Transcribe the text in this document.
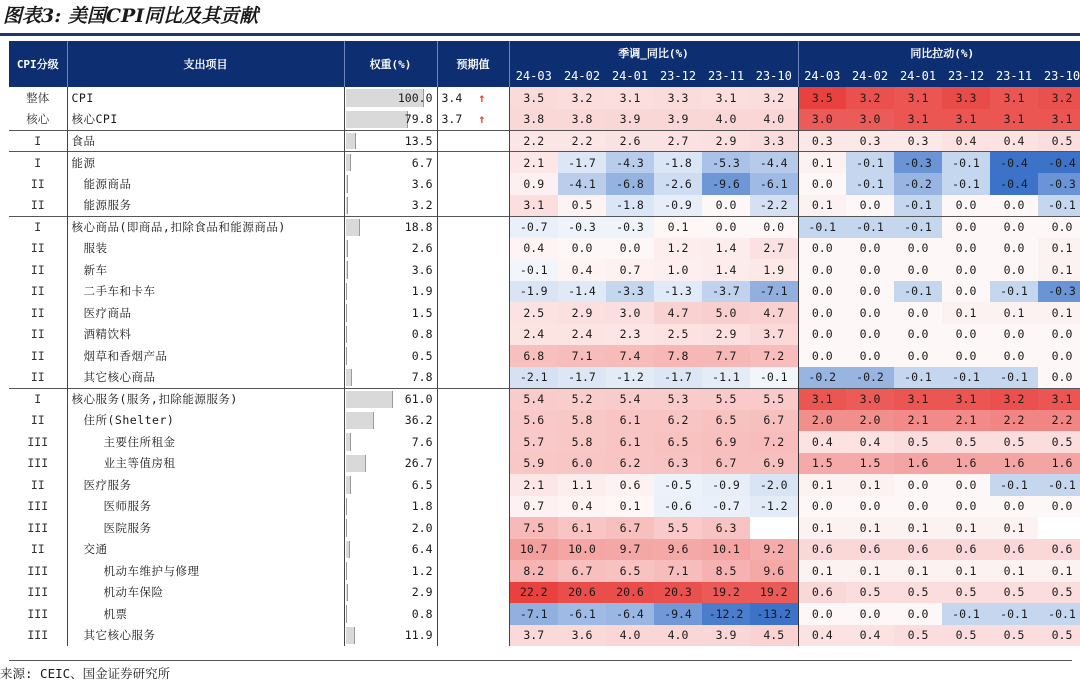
图表3: 美国CPI同比及其贡献
CPI分级	支出项目	权重(%)	预期值	季调_同比(%)						同比拉动(%)					
				24-03	24-02	24-01	23-12	23-11	23-10	24-03	24-02	24-01	23-12	23-11	23-10
整体	CPI	100.0	3.4 ↑	3.5	3.2	3.1	3.3	3.1	3.2	3.5	3.2	3.1	3.3	3.1	3.2
核心	核心CPI	79.8	3.7 ↑	3.8	3.8	3.9	3.9	4.0	4.0	3.0	3.0	3.1	3.1	3.1	3.1
I	食品	13.5		2.2	2.2	2.6	2.7	2.9	3.3	0.3	0.3	0.3	0.4	0.4	0.5
I	能源	6.7		2.1	-1.7	-4.3	-1.8	-5.3	-4.4	0.1	-0.1	-0.3	-0.1	-0.4	-0.4
II	能源商品	3.6		0.9	-4.1	-6.8	-2.6	-9.6	-6.1	0.0	-0.1	-0.2	-0.1	-0.4	-0.3
II	能源服务	3.2		3.1	0.5	-1.8	-0.9	0.0	-2.2	0.1	0.0	-0.1	0.0	0.0	-0.1
I	核心商品(即商品,扣除食品和能源商品)	18.8		-0.7	-0.3	-0.3	0.1	0.0	0.0	-0.1	-0.1	-0.1	0.0	0.0	0.0
II	服装	2.6		0.4	0.0	0.0	1.2	1.4	2.7	0.0	0.0	0.0	0.0	0.0	0.1
II	新车	3.6		-0.1	0.4	0.7	1.0	1.4	1.9	0.0	0.0	0.0	0.0	0.0	0.1
II	二手车和卡车	1.9		-1.9	-1.4	-3.3	-1.3	-3.7	-7.1	0.0	0.0	-0.1	0.0	-0.1	-0.3
II	医疗商品	1.5		2.5	2.9	3.0	4.7	5.0	4.7	0.0	0.0	0.0	0.1	0.1	0.1
II	酒精饮料	0.8		2.4	2.4	2.3	2.5	2.9	3.7	0.0	0.0	0.0	0.0	0.0	0.0
II	烟草和香烟产品	0.5		6.8	7.1	7.4	7.8	7.7	7.2	0.0	0.0	0.0	0.0	0.0	0.0
II	其它核心商品	7.8		-2.1	-1.7	-1.2	-1.7	-1.1	-0.1	-0.2	-0.2	-0.1	-0.1	-0.1	0.0
I	核心服务(服务,扣除能源服务)	61.0		5.4	5.2	5.4	5.3	5.5	5.5	3.1	3.0	3.1	3.1	3.2	3.1
II	住所(Shelter)	36.2		5.6	5.8	6.1	6.2	6.5	6.7	2.0	2.0	2.1	2.1	2.2	2.2
III	主要住所租金	7.6		5.7	5.8	6.1	6.5	6.9	7.2	0.4	0.4	0.5	0.5	0.5	0.5
III	业主等值房租	26.7		5.9	6.0	6.2	6.3	6.7	6.9	1.5	1.5	1.6	1.6	1.6	1.6
II	医疗服务	6.5		2.1	1.1	0.6	-0.5	-0.9	-2.0	0.1	0.1	0.0	0.0	-0.1	-0.1
III	医师服务	1.8		0.7	0.4	0.1	-0.6	-0.7	-1.2	0.0	0.0	0.0	0.0	0.0	0.0
III	医院服务	2.0		7.5	6.1	6.7	5.5	6.3		0.1	0.1	0.1	0.1	0.1	
II	交通	6.4		10.7	10.0	9.7	9.6	10.1	9.2	0.6	0.6	0.6	0.6	0.6	0.6
III	机动车维护与修理	1.2		8.2	6.7	6.5	7.1	8.5	9.6	0.1	0.1	0.1	0.1	0.1	0.1
III	机动车保险	2.9		22.2	20.6	20.6	20.3	19.2	19.2	0.6	0.5	0.5	0.5	0.5	0.5
III	机票	0.8		-7.1	-6.1	-6.4	-9.4	-12.2	-13.2	0.0	0.0	0.0	-0.1	-0.1	-0.1
III	其它核心服务	11.9		3.7	3.6	4.0	4.0	3.9	4.5	0.4	0.4	0.5	0.5	0.5	0.5
来源: CEIC、国金证券研究所
